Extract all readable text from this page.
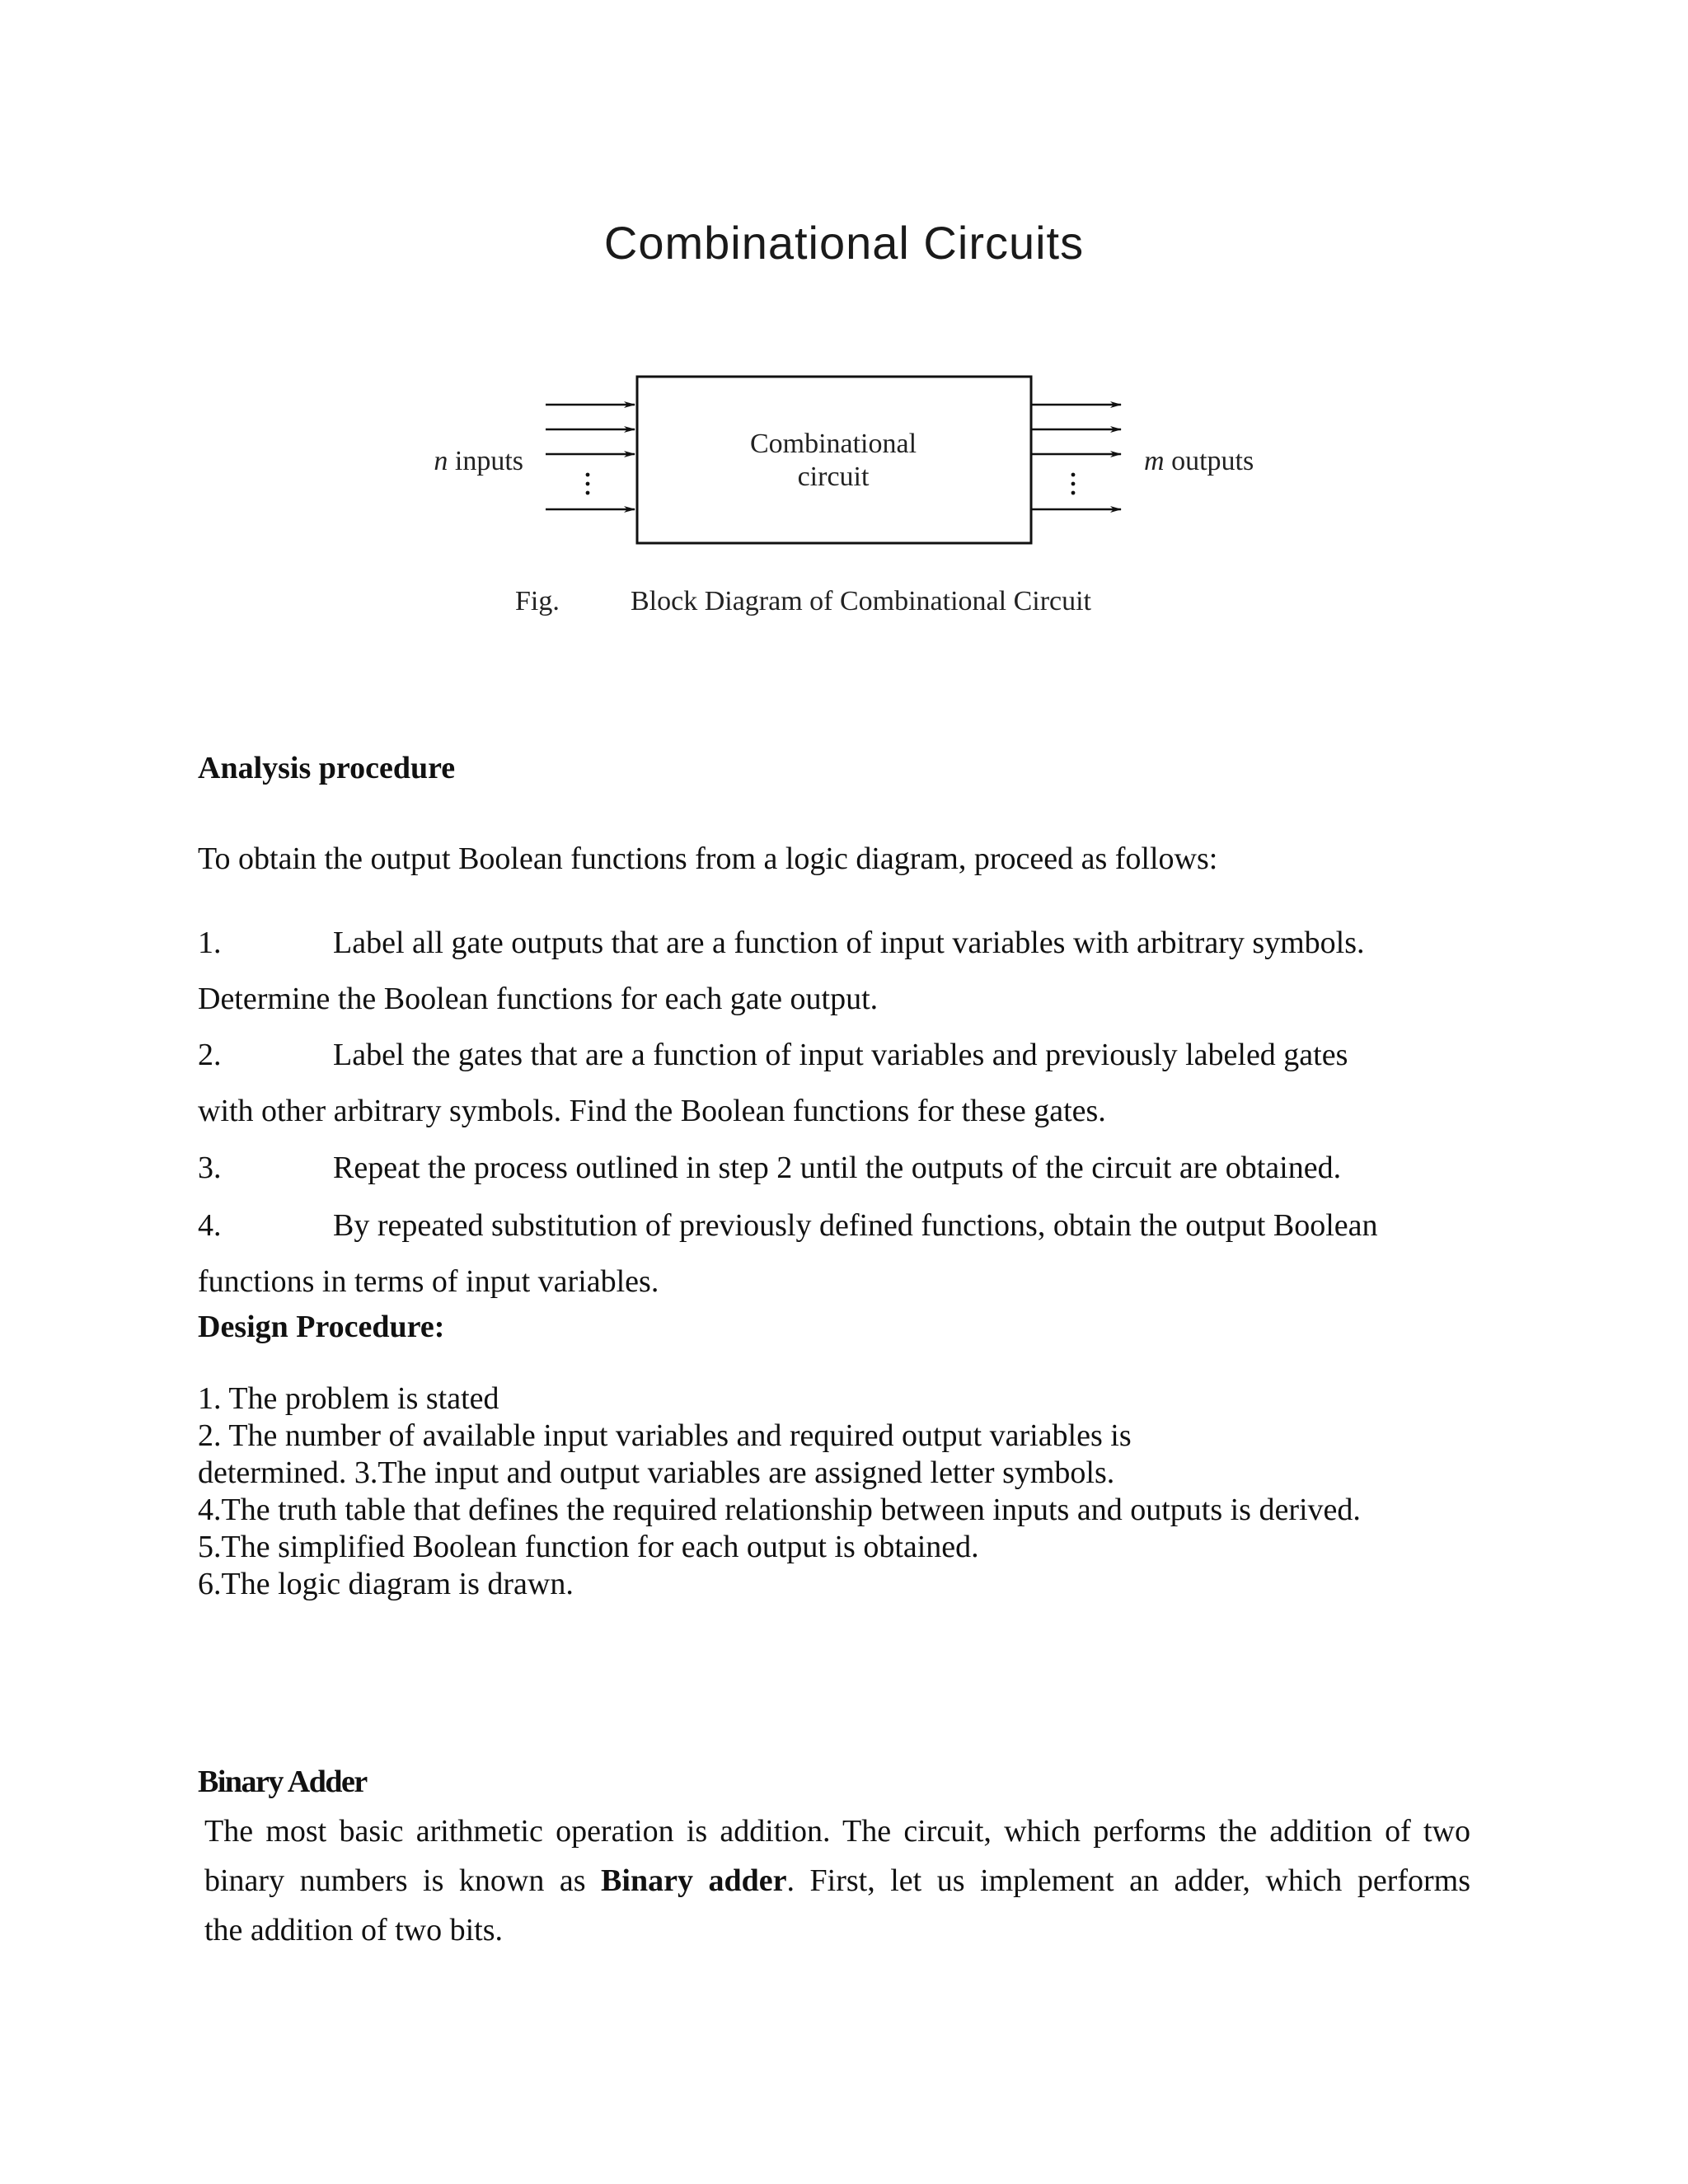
Combinational Circuits
n inputs
Combinational
circuit
m outputs
Fig.	Block Diagram of Combinational Circuit
Analysis procedure
To obtain the output Boolean functions from a logic diagram, proceed as follows:
1.	Label all gate outputs that are a function of input variables with arbitrary symbols.
Determine the Boolean functions for each gate output.
2.	Label the gates that are a function of input variables and previously labeled gates
with other arbitrary symbols. Find the Boolean functions for these gates.
3.	Repeat the process outlined in step 2 until the outputs of the circuit are obtained.
4.	By repeated substitution of previously defined functions, obtain the output Boolean
functions in terms of input variables.
Design Procedure:
1. The problem is stated
2. The number of available input variables and required output variables is
determined. 3.The input and output variables are assigned letter symbols.
4.The truth table that defines the required relationship between inputs and outputs is derived.
5.The simplified Boolean function for each output is obtained.
6.The logic diagram is drawn.
Binary Adder
The most basic arithmetic operation is addition. The circuit, which performs the addition of two
binary numbers is known as Binary adder. First, let us implement an adder, which performs
the addition of two bits.
